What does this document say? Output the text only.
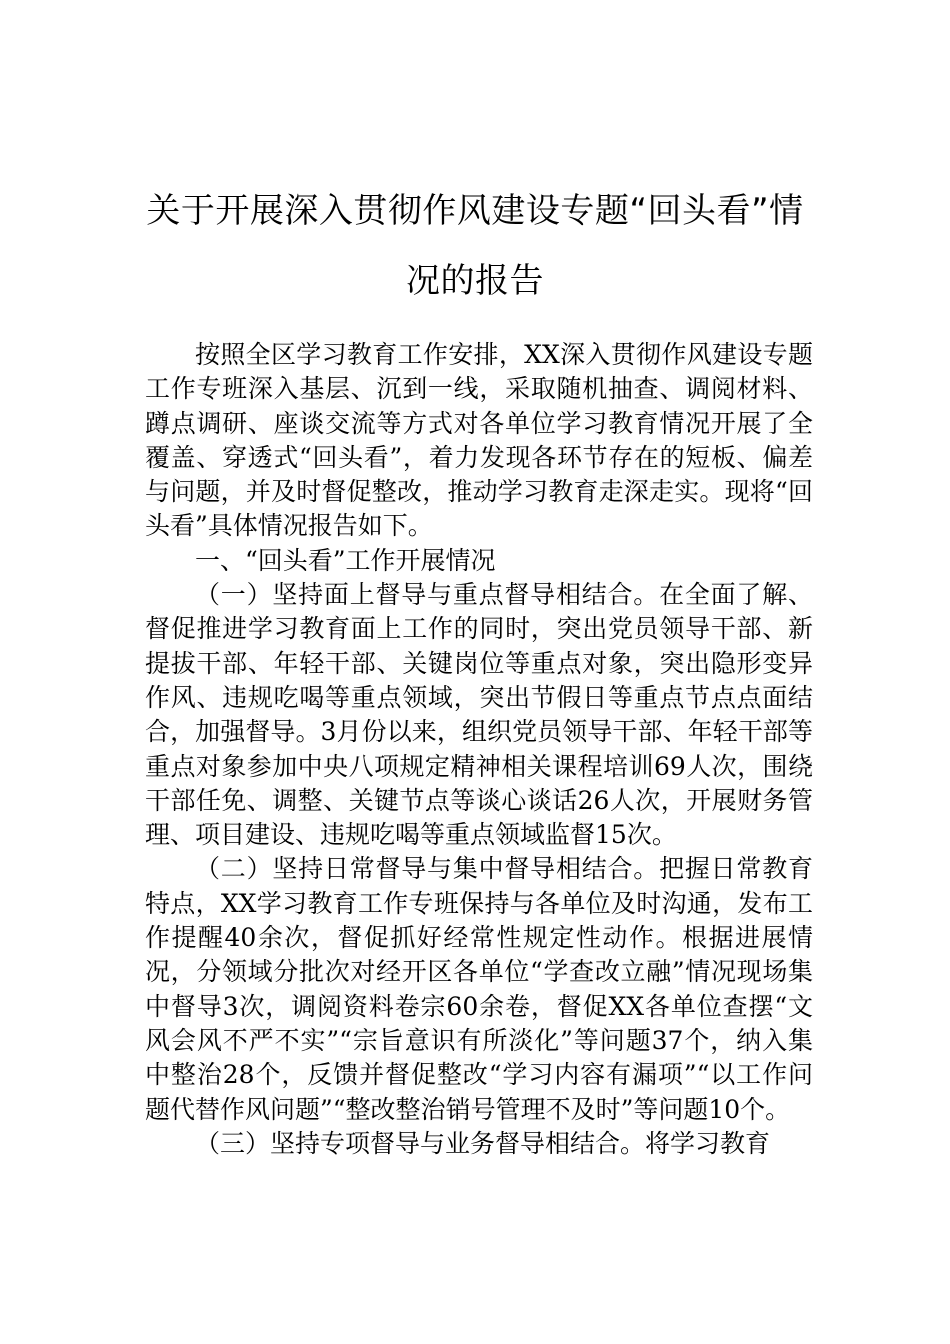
关于开展深入贯彻作风建设专题“回头看”情况的报告

按照全区学习教育工作安排，XX深入贯彻作风建设专题工作专班深入基层、沉到一线，采取随机抽查、调阅材料、蹲点调研、座谈交流等方式对各单位学习教育情况开展了全覆盖、穿透式“回头看”，着力发现各环节存在的短板、偏差与问题，并及时督促整改，推动学习教育走深走实。现将“回头看”具体情况报告如下。

一、“回头看”工作开展情况

（一）坚持面上督导与重点督导相结合。在全面了解、督促推进学习教育面上工作的同时，突出党员领导干部、新提拔干部、年轻干部、关键岗位等重点对象，突出隐形变异作风、违规吃喝等重点领域，突出节假日等重点节点点面结合，加强督导。3月份以来，组织党员领导干部、年轻干部等重点对象参加中央八项规定精神相关课程培训69人次，围绕干部任免、调整、关键节点等谈心谈话26人次，开展财务管理、项目建设、违规吃喝等重点领域监督15次。

（二）坚持日常督导与集中督导相结合。把握日常教育特点，XX学习教育工作专班保持与各单位及时沟通，发布工作提醒40余次，督促抓好经常性规定性动作。根据进展情况，分领域分批次对经开区各单位“学查改立融”情况现场集中督导3次，调阅资料卷宗60余卷，督促XX各单位查摆“文风会风不严不实”“宗旨意识有所淡化”等问题37个，纳入集中整治28个，反馈并督促整改“学习内容有漏项”“以工作问题代替作风问题”“整改整治销号管理不及时”等问题10个。

（三）坚持专项督导与业务督导相结合。将学习教育
